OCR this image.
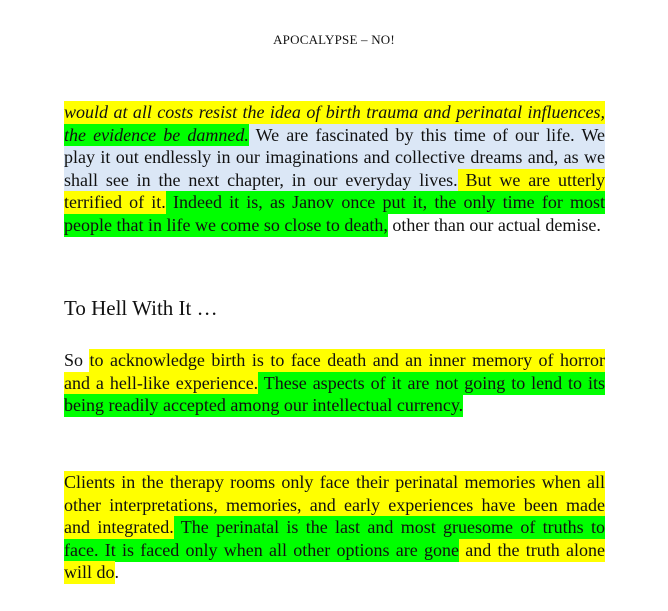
APOCALYPSE – NO!

would at all costs resist the idea of birth trauma and perinatal influences, the evidence be damned. We are fascinated by this time of our life. We play it out endlessly in our imaginations and collective dreams and, as we shall see in the next chapter, in our everyday lives. But we are utterly terrified of it. Indeed it is, as Janov once put it, the only time for most people that in life we come so close to death, other than our actual demise.

To Hell With It …

So to acknowledge birth is to face death and an inner memory of horror and a hell-like experience. These aspects of it are not going to lend to its being readily accepted among our intellectual currency.

Clients in the therapy rooms only face their perinatal memories when all other interpretations, memories, and early experiences have been made and integrated. The perinatal is the last and most gruesome of truths to face. It is faced only when all other options are gone and the truth alone will do.
